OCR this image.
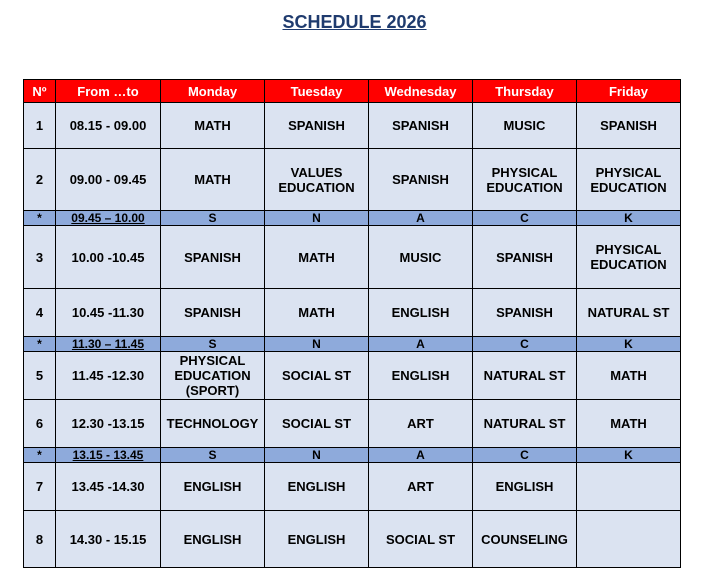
SCHEDULE 2026
Nº	From …to	Monday	Tuesday	Wednesday	Thursday	Friday
1	08.15 - 09.00	MATH	SPANISH	SPANISH	MUSIC	SPANISH
2	09.00 - 09.45	MATH	VALUES EDUCATION	SPANISH	PHYSICAL EDUCATION	PHYSICAL EDUCATION
*	09.45 – 10.00	S	N	A	C	K
3	10.00 -10.45	SPANISH	MATH	MUSIC	SPANISH	PHYSICAL EDUCATION
4	10.45 -11.30	SPANISH	MATH	ENGLISH	SPANISH	NATURAL ST
*	11.30 – 11.45	S	N	A	C	K
5	11.45 -12.30	PHYSICAL EDUCATION (SPORT)	SOCIAL ST	ENGLISH	NATURAL ST	MATH
6	12.30 -13.15	TECHNOLOGY	SOCIAL ST	ART	NATURAL ST	MATH
*	13.15 - 13.45	S	N	A	C	K
7	13.45 -14.30	ENGLISH	ENGLISH	ART	ENGLISH	
8	14.30 - 15.15	ENGLISH	ENGLISH	SOCIAL ST	COUNSELING	
